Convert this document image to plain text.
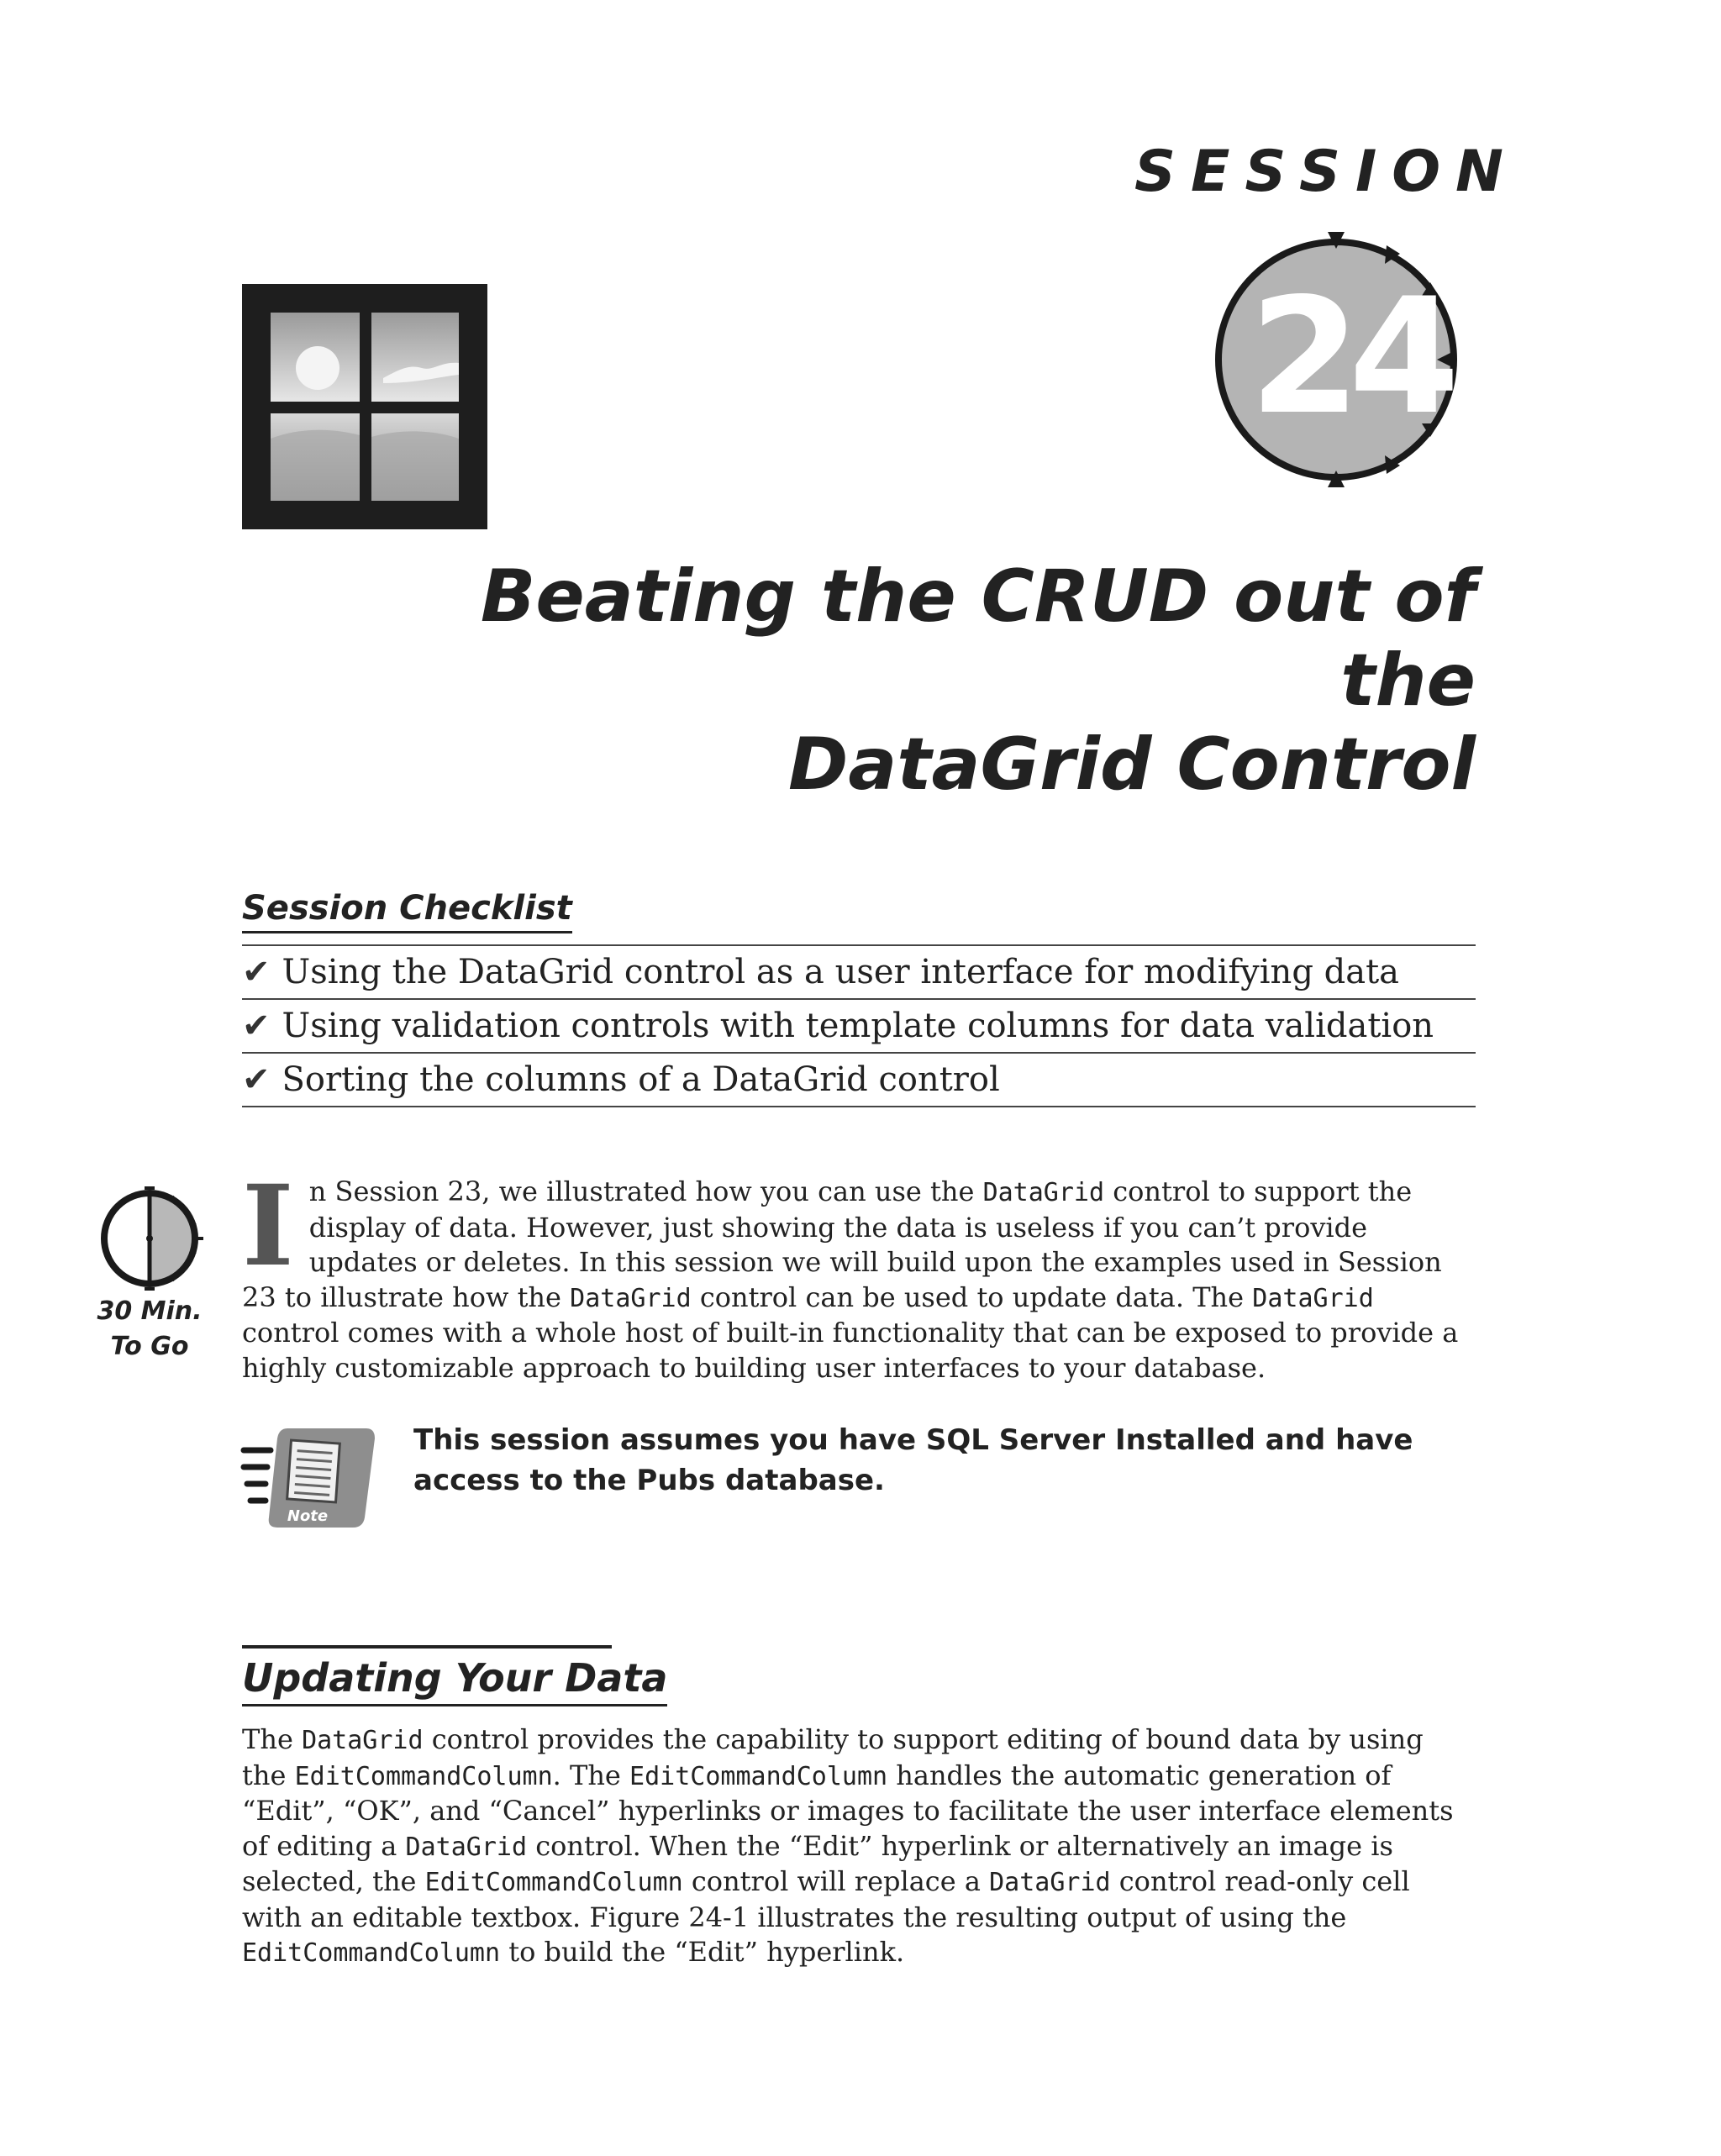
SESSION
24
Beating the CRUD out of the
DataGrid Control
Session Checklist
✔ Using the DataGrid control as a user interface for modifying data
✔ Using validation controls with template columns for data validation
✔ Sorting the columns of a DataGrid control
30 Min.
To Go
In Session 23, we illustrated how you can use the DataGrid control to support the display of data. However, just showing the data is useless if you can’t provide updates or deletes. In this session we will build upon the examples used in Session 23 to illustrate how the DataGrid control can be used to update data. The DataGrid control comes with a whole host of built-in functionality that can be exposed to provide a highly customizable approach to building user interfaces to your database.
Note
This session assumes you have SQL Server Installed and have access to the Pubs database.
Updating Your Data
The DataGrid control provides the capability to support editing of bound data by using the EditCommandColumn. The EditCommandColumn handles the automatic generation of “Edit”, “OK”, and “Cancel” hyperlinks or images to facilitate the user interface elements of editing a DataGrid control. When the “Edit” hyperlink or alternatively an image is selected, the EditCommandColumn control will replace a DataGrid control read-only cell with an editable textbox. Figure 24-1 illustrates the resulting output of using the EditCommandColumn to build the “Edit” hyperlink.
